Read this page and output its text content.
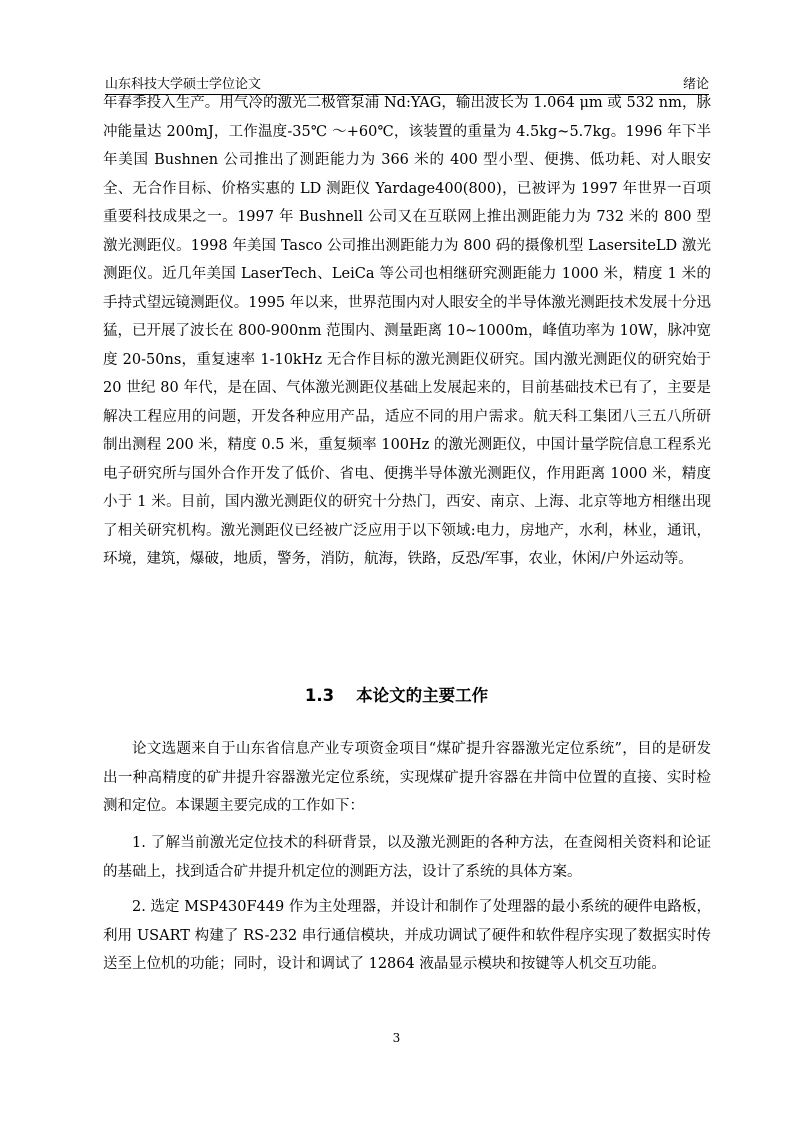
山东科技大学硕士学位论文	绪论

年春季投入生产。用气冷的激光二极管泵浦 Nd:YAG，输出波长为 1.064 μm 或 532 nm，脉冲能量达 200mJ，工作温度-35℃ ～+60℃，该装置的重量为 4.5kg~5.7kg。1996 年下半年美国 Bushnen 公司推出了测距能力为 366 米的 400 型小型、便携、低功耗、对人眼安全、无合作目标、价格实惠的 LD 测距仪 Yardage400(800)，已被评为 1997 年世界一百项重要科技成果之一。1997 年 Bushnell 公司又在互联网上推出测距能力为 732 米的 800 型激光测距仪。1998 年美国 Tasco 公司推出测距能力为 800 码的摄像机型 LasersiteLD 激光测距仪。近几年美国 LaserTech、LeiCa 等公司也相继研究测距能力 1000 米，精度 1 米的手持式望远镜测距仪。1995 年以来，世界范围内对人眼安全的半导体激光测距技术发展十分迅猛，已开展了波长在 800-900nm 范围内、测量距离 10~1000m，峰值功率为 10W，脉冲宽度 20-50ns，重复速率 1-10kHz 无合作目标的激光测距仪研究。国内激光测距仪的研究始于 20 世纪 80 年代，是在固、气体激光测距仪基础上发展起来的，目前基础技术已有了，主要是解决工程应用的问题，开发各种应用产品，适应不同的用户需求。航天科工集团八三五八所研制出测程 200 米，精度 0.5 米，重复频率 100Hz 的激光测距仪，中国计量学院信息工程系光电子研究所与国外合作开发了低价、省电、便携半导体激光测距仪，作用距离 1000 米，精度小于 1 米。目前，国内激光测距仪的研究十分热门，西安、南京、上海、北京等地方相继出现了相关研究机构。激光测距仪已经被广泛应用于以下领域:电力，房地产，水利，林业，通讯，环境，建筑，爆破，地质，警务，消防，航海，铁路，反恐/军事，农业，休闲/户外运动等。

1.3 本论文的主要工作

论文选题来自于山东省信息产业专项资金项目“煤矿提升容器激光定位系统”，目的是研发出一种高精度的矿井提升容器激光定位系统，实现煤矿提升容器在井筒中位置的直接、实时检测和定位。本课题主要完成的工作如下：

1. 了解当前激光定位技术的科研背景，以及激光测距的各种方法，在查阅相关资料和论证的基础上，找到适合矿井提升机定位的测距方法，设计了系统的具体方案。

2. 选定 MSP430F449 作为主处理器，并设计和制作了处理器的最小系统的硬件电路板，利用 USART 构建了 RS-232 串行通信模块，并成功调试了硬件和软件程序实现了数据实时传送至上位机的功能；同时，设计和调试了 12864 液晶显示模块和按键等人机交互功能。

3
